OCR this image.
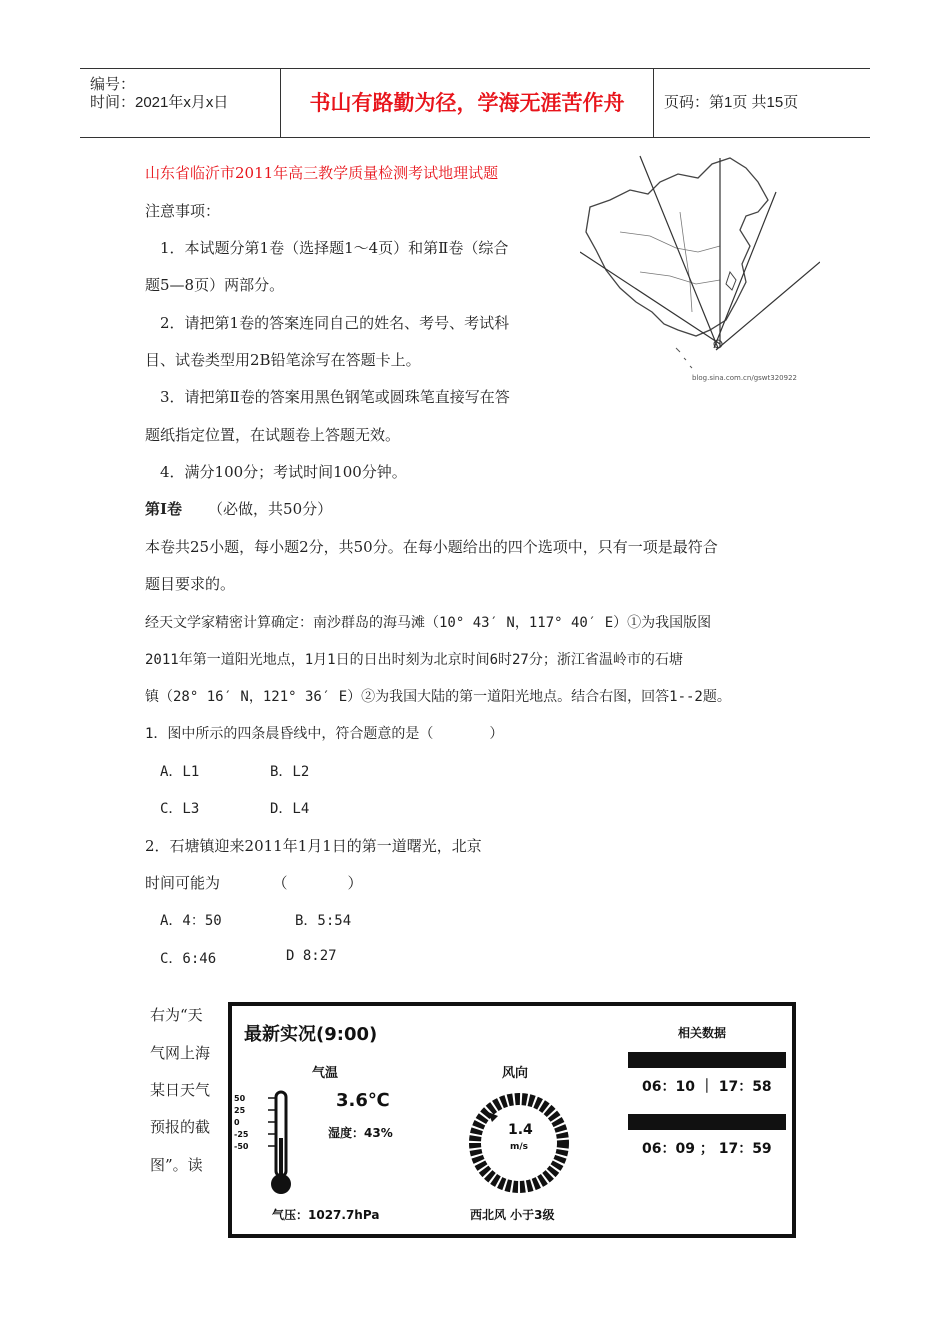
编号：
时间：2021年x月x日	书山有路勤为径，学海无涯苦作舟	页码：第1页 共15页
山东省临沂市2011年高三教学质量检测考试地理试题
注意事项：
1．本试题分第1卷（选择题1～4页）和第Ⅱ卷（综合
题5—8页）两部分。
2．请把第1卷的答案连同自己的姓名、考号、考试科
目、试卷类型用2B铅笔涂写在答题卡上。
3．请把第Ⅱ卷的答案用黑色钢笔或圆珠笔直接写在答
题纸指定位置，在试题卷上答题无效。
4．满分100分；考试时间100分钟。
blog.sina.com.cn/gswt320922
第Ⅰ卷 （必做，共50分）
本卷共25小题，每小题2分，共50分。在每小题给出的四个选项中，只有一项是最符合
题目要求的。
经天文学家精密计算确定：南沙群岛的海马滩（10° 43′ N，117° 40′ E）①为我国版图
2011年第一道阳光地点，1月1日的日出时刻为北京时间6时27分；浙江省温岭市的石塘
镇（28° 16′ N，121° 36′ E）②为我国大陆的第一道阳光地点。结合右图，回答1--2题。
1．图中所示的四条晨昏线中，符合题意的是（　　　　）
A．L1	B．L2
C．L3	D．L4
2．石塘镇迎来2011年1月1日的第一道曙光，北京
时间可能为　　　　（　　　　）
A．4：50	B．5:54
C．6:46	D 8:27
右为“天
气网上海
某日天气
预报的截
图”。读
最新实况(9:00)
气温
3.6℃
湿度：43%
50
25
0
-25
-50
气压：1027.7hPa
风向
1.4
m/s
西北风 小于3级
相关数据
06：10 ｜ 17：58
06：09 ； 17：59
